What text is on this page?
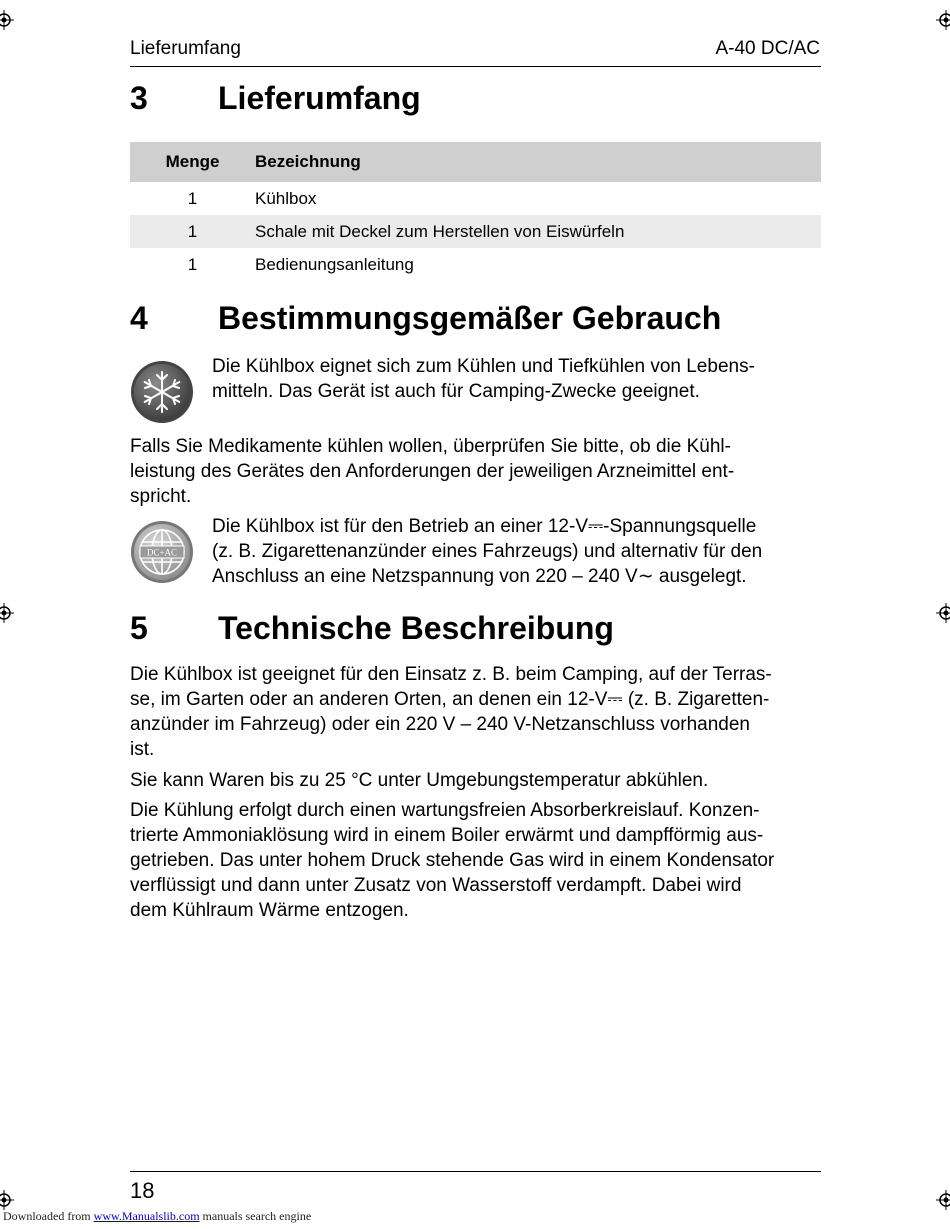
Lieferumfang	A-40 DC/AC
3 Lieferumfang
Menge	Bezeichnung
1	Kühlbox
1	Schale mit Deckel zum Herstellen von Eiswürfeln
1	Bedienungsanleitung
4 Bestimmungsgemäßer Gebrauch
Die Kühlbox eignet sich zum Kühlen und Tiefkühlen von Lebens-
mitteln. Das Gerät ist auch für Camping-Zwecke geeignet.
Falls Sie Medikamente kühlen wollen, überprüfen Sie bitte, ob die Kühl-
leistung des Gerätes den Anforderungen der jeweiligen Arzneimittel ent-
spricht.
DC+AC
Die Kühlbox ist für den Betrieb an einer 12-V⎓-Spannungsquelle
(z. B. Zigarettenanzünder eines Fahrzeugs) und alternativ für den
Anschluss an eine Netzspannung von 220 – 240 V∼ ausgelegt.
5 Technische Beschreibung
Die Kühlbox ist geeignet für den Einsatz z. B. beim Camping, auf der Terras-
se, im Garten oder an anderen Orten, an denen ein 12-V⎓ (z. B. Zigaretten-
anzünder im Fahrzeug) oder ein 220 V – 240 V-Netzanschluss vorhanden
ist.
Sie kann Waren bis zu 25 °C unter Umgebungstemperatur abkühlen.
Die Kühlung erfolgt durch einen wartungsfreien Absorberkreislauf. Konzen-
trierte Ammoniaklösung wird in einem Boiler erwärmt und dampfförmig aus-
getrieben. Das unter hohem Druck stehende Gas wird in einem Kondensator
verflüssigt und dann unter Zusatz von Wasserstoff verdampft. Dabei wird
dem Kühlraum Wärme entzogen.
18
Downloaded from www.Manualslib.com manuals search engine
